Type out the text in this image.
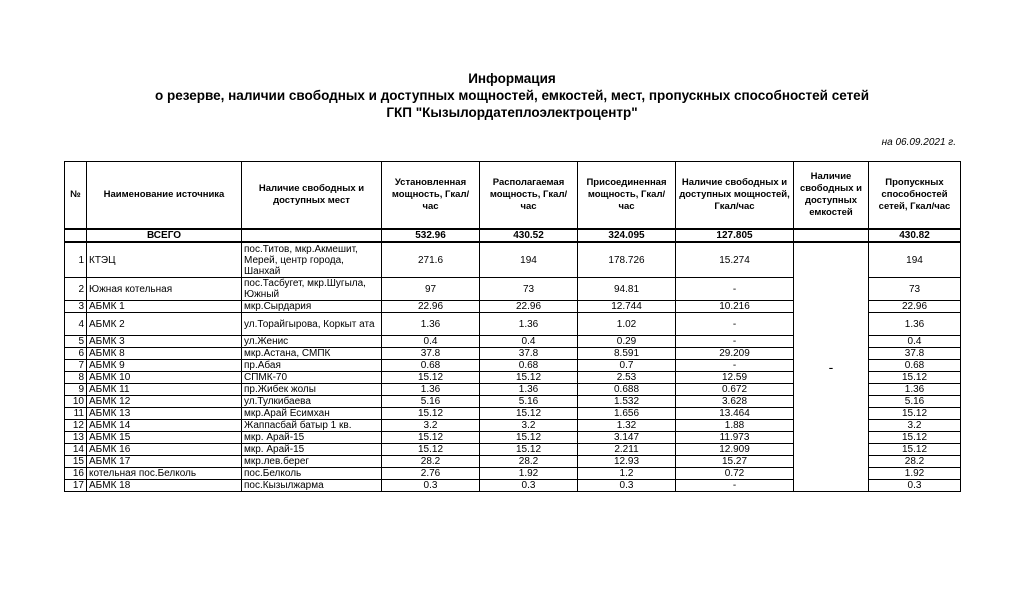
Информация
о резерве, наличии свободных и доступных мощностей, емкостей, мест, пропускных способностей сетей
ГКП "Кызылордатеплоэлектроцентр"
на 06.09.2021 г.
№	Наименование источника	Наличие свободных и доступных мест	Установленная мощность, Гкал/час	Располагаемая мощность, Гкал/час	Присоединенная мощность, Гкал/час	Наличие свободных и доступных мощностей, Гкал/час	Наличие свободных и доступных емкостей	Пропускных способностей сетей, Гкал/час
	ВСЕГО		532.96	430.52	324.095	127.805		430.82
1	КТЭЦ	пос.Титов, мкр.Акмешит, Мерей, центр города, Шанхай	271.6	194	178.726	15.274	-	194
2	Южная котельная	пос.Тасбугет, мкр.Шугыла, Южный	97	73	94.81	-		73
3	АБМК 1	мкр.Сырдария	22.96	22.96	12.744	10.216		22.96
4	АБМК 2	ул.Торайгырова, Коркыт ата	1.36	1.36	1.02	-		1.36
5	АБМК 3	ул.Женис	0.4	0.4	0.29	-		0.4
6	АБМК 8	мкр.Астана, СМПК	37.8	37.8	8.591	29.209		37.8
7	АБМК 9	пр.Абая	0.68	0.68	0.7	-		0.68
8	АБМК 10	СПМК-70	15.12	15.12	2.53	12.59		15.12
9	АБМК 11	пр.Жибек жолы	1.36	1.36	0.688	0.672		1.36
10	АБМК 12	ул.Тулкибаева	5.16	5.16	1.532	3.628		5.16
11	АБМК 13	мкр.Арай Есимхан	15.12	15.12	1.656	13.464		15.12
12	АБМК 14	Жаппасбай батыр 1 кв.	3.2	3.2	1.32	1.88		3.2
13	АБМК 15	мкр. Арай-15	15.12	15.12	3.147	11.973		15.12
14	АБМК 16	мкр. Арай-15	15.12	15.12	2.211	12.909		15.12
15	АБМК 17	мкр.лев.берег	28.2	28.2	12.93	15.27		28.2
16	котельная пос.Белколь	пос.Белколь	2.76	1.92	1.2	0.72		1.92
17	АБМК 18	пос.Кызылжарма	0.3	0.3	0.3	-		0.3
